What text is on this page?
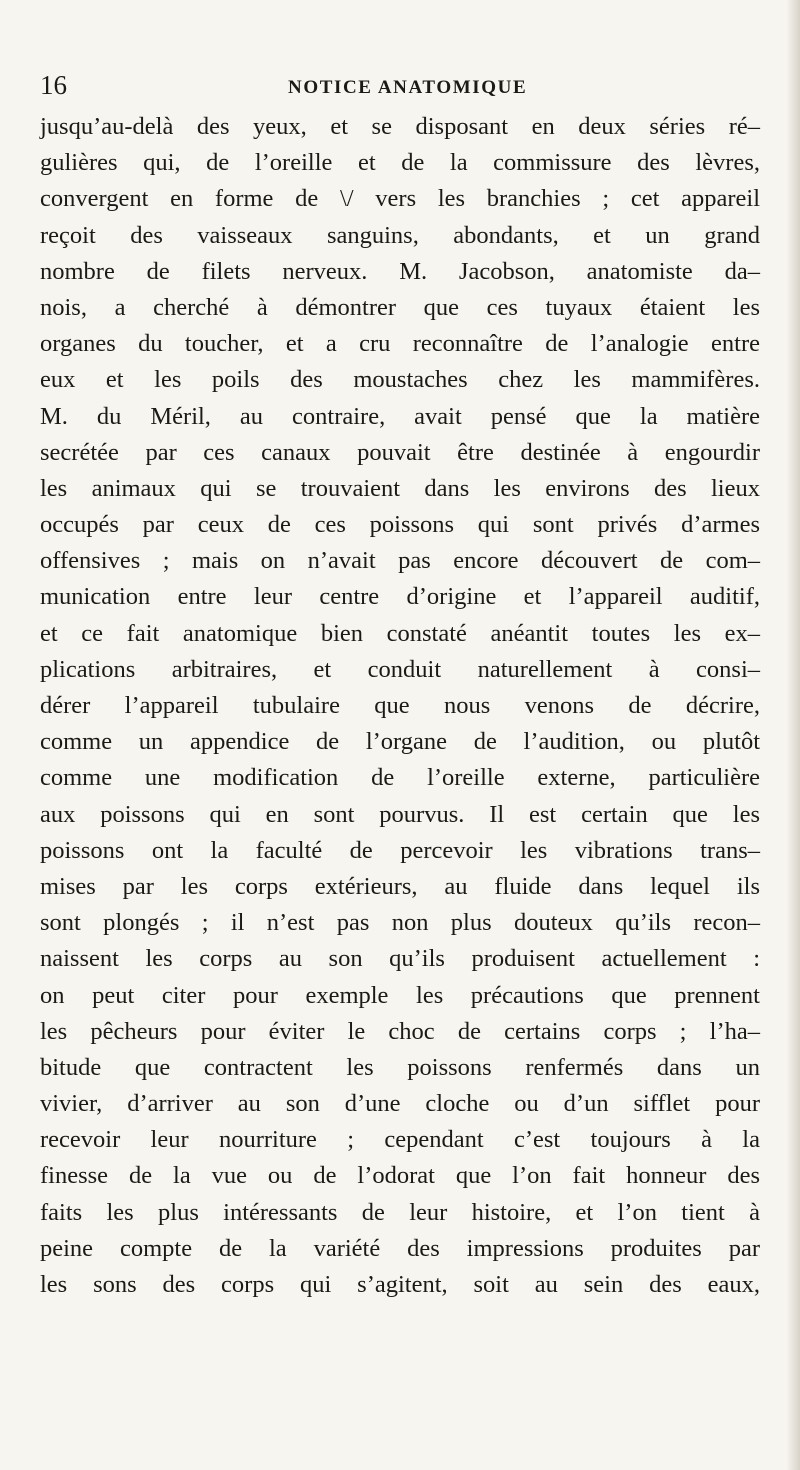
16	NOTICE ANATOMIQUE
jusqu’au-delà des yeux, et se disposant en deux séries ré–
gulières qui, de l’oreille et de la commissure des lèvres,
convergent en forme de \/ vers les branchies ; cet appareil
reçoit des vaisseaux sanguins, abondants, et un grand
nombre de filets nerveux. M. Jacobson, anatomiste da–
nois, a cherché à démontrer que ces tuyaux étaient les
organes du toucher, et a cru reconnaître de l’analogie entre
eux et les poils des moustaches chez les mammifères.
M. du Méril, au contraire, avait pensé que la matière
secrétée par ces canaux pouvait être destinée à engourdir
les animaux qui se trouvaient dans les environs des lieux
occupés par ceux de ces poissons qui sont privés d’armes
offensives ; mais on n’avait pas encore découvert de com–
munication entre leur centre d’origine et l’appareil auditif,
et ce fait anatomique bien constaté anéantit toutes les ex–
plications arbitraires, et conduit naturellement à consi–
dérer l’appareil tubulaire que nous venons de décrire,
comme un appendice de l’organe de l’audition, ou plutôt
comme une modification de l’oreille externe, particulière
aux poissons qui en sont pourvus. Il est certain que les
poissons ont la faculté de percevoir les vibrations trans–
mises par les corps extérieurs, au fluide dans lequel ils
sont plongés ; il n’est pas non plus douteux qu’ils recon–
naissent les corps au son qu’ils produisent actuellement :
on peut citer pour exemple les précautions que prennent
les pêcheurs pour éviter le choc de certains corps ; l’ha–
bitude que contractent les poissons renfermés dans un
vivier, d’arriver au son d’une cloche ou d’un sifflet pour
recevoir leur nourriture ; cependant c’est toujours à la
finesse de la vue ou de l’odorat que l’on fait honneur des
faits les plus intéressants de leur histoire, et l’on tient à
peine compte de la variété des impressions produites par
les sons des corps qui s’agitent, soit au sein des eaux,
